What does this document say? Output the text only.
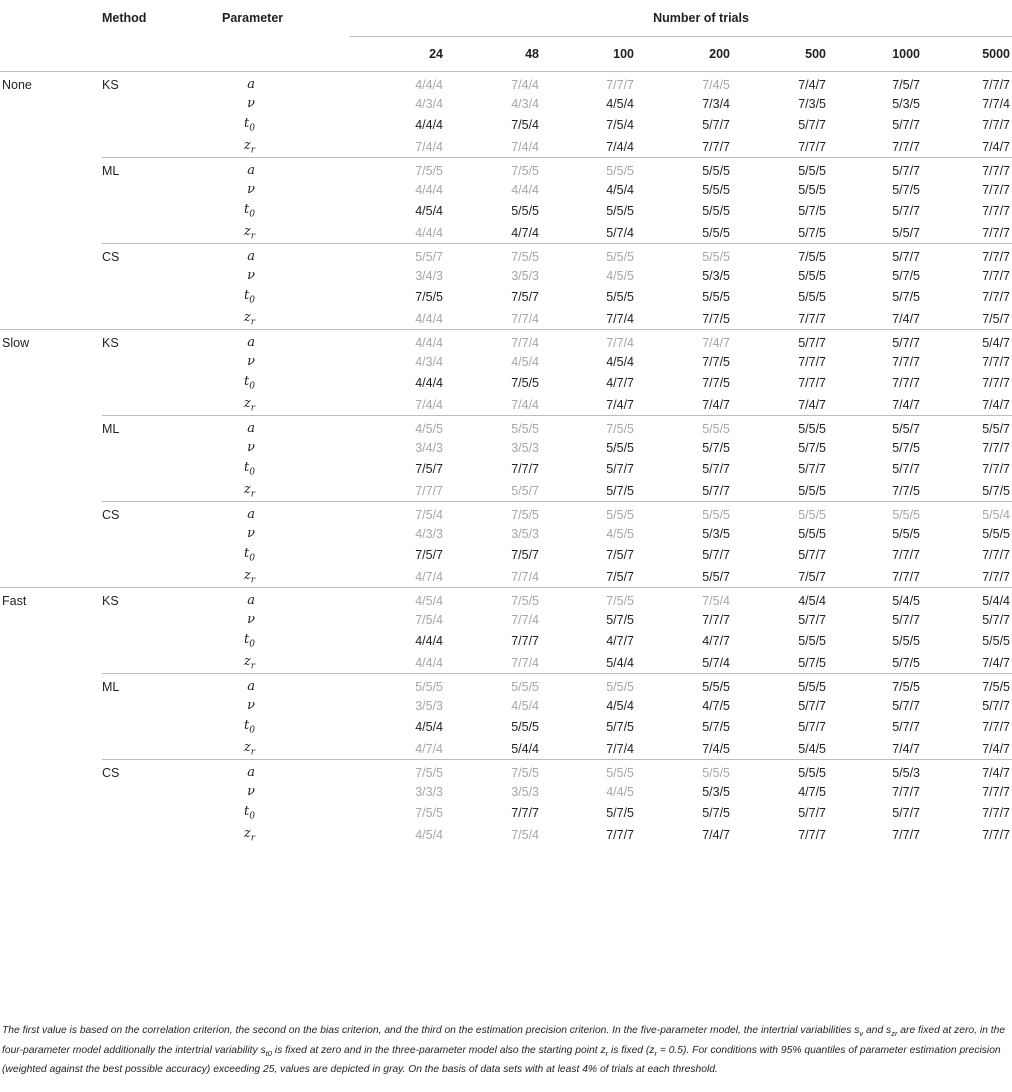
	Method	Parameter	Number of trials						
			24	48	100	200	500	1000	5000
None	KS	a	4/4/4	7/4/4	7/7/7	7/4/5	7/4/7	7/5/7	7/7/7
		ν	4/3/4	4/3/4	4/5/4	7/3/4	7/3/5	5/3/5	7/7/4
		$t_0$	4/4/4	7/5/4	7/5/4	5/7/7	5/7/7	5/7/7	7/7/7
		$z_r$	7/4/4	7/4/4	7/4/4	7/7/7	7/7/7	7/7/7	7/4/7
	ML	a	7/5/5	7/5/5	5/5/5	5/5/5	5/5/5	5/7/7	7/7/7
		ν	4/4/4	4/4/4	4/5/4	5/5/5	5/5/5	5/7/5	7/7/7
		$t_0$	4/5/4	5/5/5	5/5/5	5/5/5	5/7/5	5/7/7	7/7/7
		$z_r$	4/4/4	4/7/4	5/7/4	5/5/5	5/7/5	5/5/7	7/7/7
	CS	a	5/5/7	7/5/5	5/5/5	5/5/5	7/5/5	5/7/7	7/7/7
		ν	3/4/3	3/5/3	4/5/5	5/3/5	5/5/5	5/7/5	7/7/7
		$t_0$	7/5/5	7/5/7	5/5/5	5/5/5	5/5/5	5/7/5	7/7/7
		$z_r$	4/4/4	7/7/4	7/7/4	7/7/5	7/7/7	7/4/7	7/5/7
Slow	KS	a	4/4/4	7/7/4	7/7/4	7/4/7	5/7/7	5/7/7	5/4/7
		ν	4/3/4	4/5/4	4/5/4	7/7/5	7/7/7	7/7/7	7/7/7
		$t_0$	4/4/4	7/5/5	4/7/7	7/7/5	7/7/7	7/7/7	7/7/7
		$z_r$	7/4/4	7/4/4	7/4/7	7/4/7	7/4/7	7/4/7	7/4/7
	ML	a	4/5/5	5/5/5	7/5/5	5/5/5	5/5/5	5/5/7	5/5/7
		ν	3/4/3	3/5/3	5/5/5	5/7/5	5/7/5	5/7/5	7/7/7
		$t_0$	7/5/7	7/7/7	5/7/7	5/7/7	5/7/7	5/7/7	7/7/7
		$z_r$	7/7/7	5/5/7	5/7/5	5/7/7	5/5/5	7/7/5	5/7/5
	CS	a	7/5/4	7/5/5	5/5/5	5/5/5	5/5/5	5/5/5	5/5/4
		ν	4/3/3	3/5/3	4/5/5	5/3/5	5/5/5	5/5/5	5/5/5
		$t_0$	7/5/7	7/5/7	7/5/7	5/7/7	5/7/7	7/7/7	7/7/7
		$z_r$	4/7/4	7/7/4	7/5/7	5/5/7	7/5/7	7/7/7	7/7/7
Fast	KS	a	4/5/4	7/5/5	7/5/5	7/5/4	4/5/4	5/4/5	5/4/4
		ν	7/5/4	7/7/4	5/7/5	7/7/7	5/7/7	5/7/7	5/7/7
		$t_0$	4/4/4	7/7/7	4/7/7	4/7/7	5/5/5	5/5/5	5/5/5
		$z_r$	4/4/4	7/7/4	5/4/4	5/7/4	5/7/5	5/7/5	7/4/7
	ML	a	5/5/5	5/5/5	5/5/5	5/5/5	5/5/5	7/5/5	7/5/5
		ν	3/5/3	4/5/4	4/5/4	4/7/5	5/7/7	5/7/7	5/7/7
		$t_0$	4/5/4	5/5/5	5/7/5	5/7/5	5/7/7	5/7/7	7/7/7
		$z_r$	4/7/4	5/4/4	7/7/4	7/4/5	5/4/5	7/4/7	7/4/7
	CS	a	7/5/5	7/5/5	5/5/5	5/5/5	5/5/5	5/5/3	7/4/7
		ν	3/3/3	3/5/3	4/4/5	5/3/5	4/7/5	7/7/7	7/7/7
		$t_0$	7/5/5	7/7/7	5/7/5	5/7/5	5/7/7	5/7/7	7/7/7
		$z_r$	4/5/4	7/5/4	7/7/7	7/4/7	7/7/7	7/7/7	7/7/7
The first value is based on the correlation criterion, the second on the bias criterion, and the third on the estimation precision criterion. In the five-parameter model, the intertrial variabilities $s_\nu$ and $s_{zr}$ are fixed at zero, in the four-parameter model additionally the intertrial variability $s_{t0}$ is fixed at zero and in the three-parameter model also the starting point $z_r$ is fixed $(z_r = 0.5)$. For conditions with 95% quantiles of parameter estimation precision (weighted against the best possible accuracy) exceeding 25, values are depicted in gray. On the basis of data sets with at least 4% of trials at each threshold.
